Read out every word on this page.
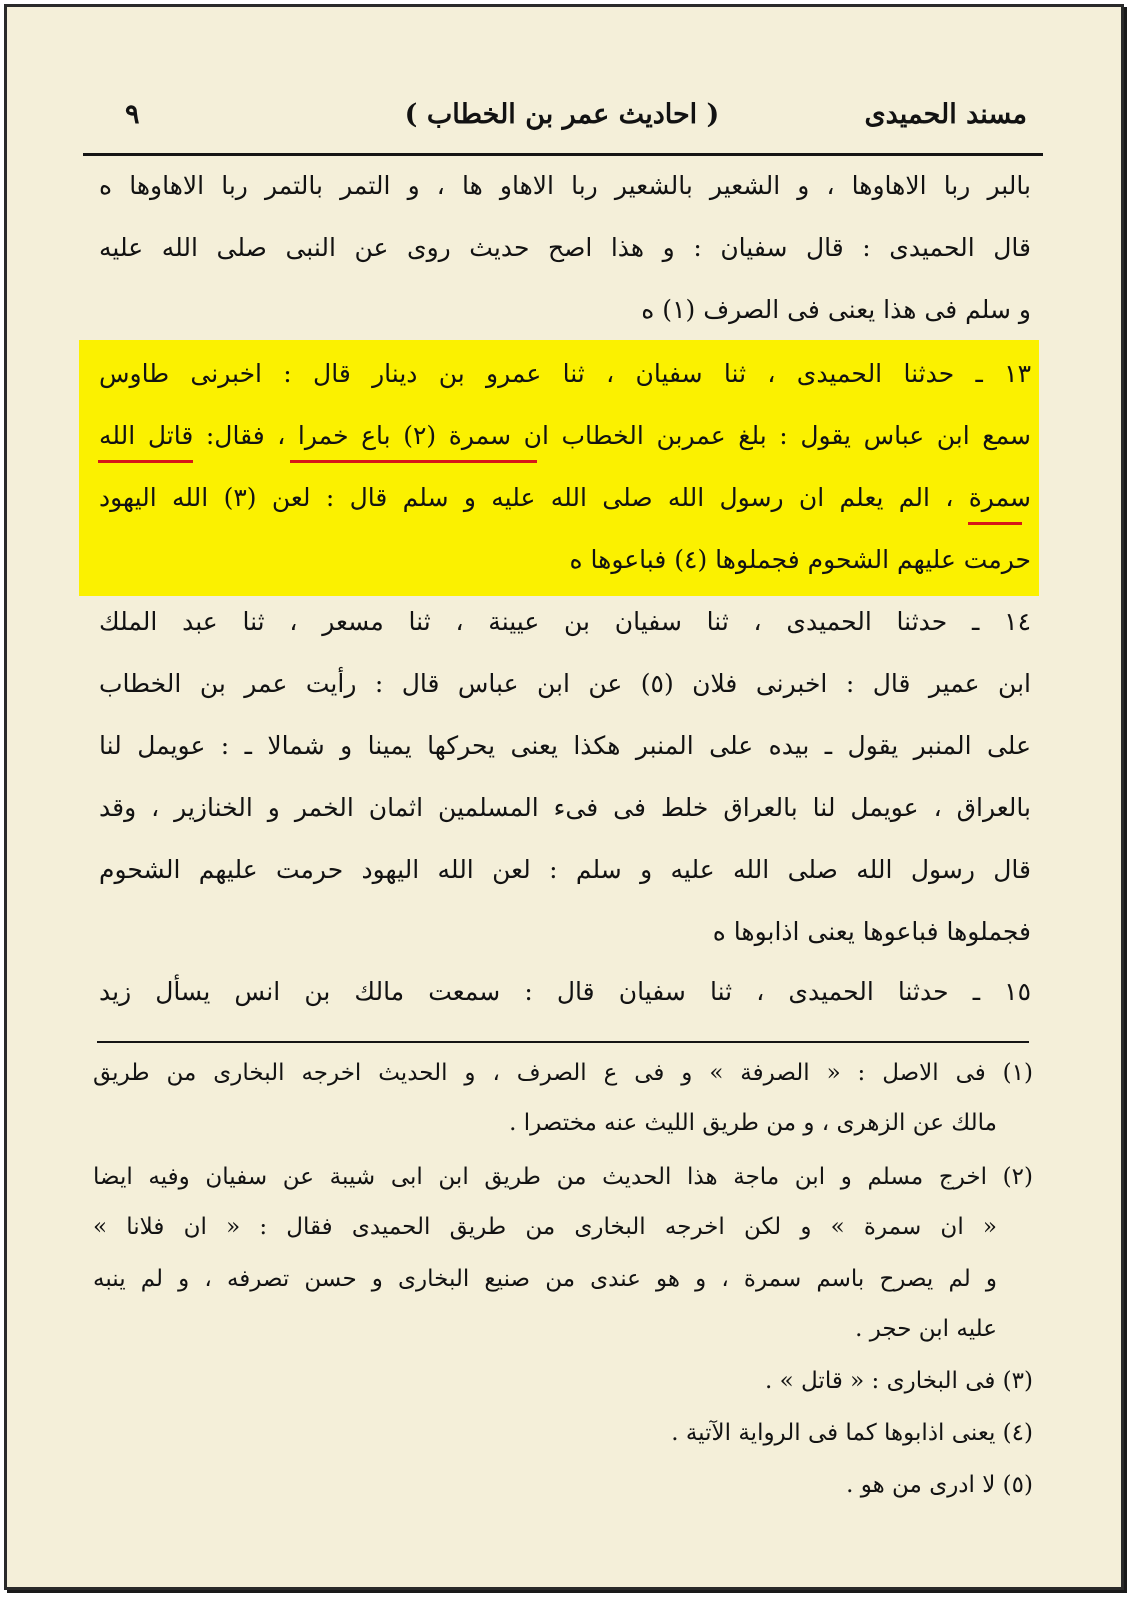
مسند الحميدى
( احاديث عمر بن الخطاب )
٩
بالبر ربا الاهاوها ، و الشعير بالشعير ربا الاهاو ها ، و التمر بالتمر ربا الاهاوها ه
قال الحميدى : قال سفيان : و هذا اصح حديث روى عن النبى صلى الله عليه
و سلم فى هذا يعنى فى الصرف (١) ه
١٣ ـ حدثنا الحميدى ، ثنا سفيان ، ثنا عمرو بن دينار قال : اخبرنى طاوس
سمع ابن عباس يقول : بلغ عمربن الخطاب ان سمرة (٢) باع خمرا ، فقال: قاتل الله
سمرة ، الم يعلم ان رسول الله صلى الله عليه و سلم قال : لعن (٣) الله اليهود
حرمت عليهم الشحوم فجملوها (٤) فباعوها ه
١٤ ـ حدثنا الحميدى ، ثنا سفيان بن عيينة ، ثنا مسعر ، ثنا عبد الملك
ابن عمير قال : اخبرنى فلان (٥) عن ابن عباس قال : رأيت عمر بن الخطاب
على المنبر يقول ـ بيده على المنبر هكذا يعنى يحركها يمينا و شمالا ـ : عويمل لنا
بالعراق ، عويمل لنا بالعراق خلط فى فىء المسلمين اثمان الخمر و الخنازير ، وقد
قال رسول الله صلى الله عليه و سلم : لعن الله اليهود حرمت عليهم الشحوم
فجملوها فباعوها يعنى اذابوها ه
١٥ ـ حدثنا الحميدى ، ثنا سفيان قال : سمعت مالك بن انس يسأل زيد
(١) فى الاصل : « الصرفة » و فى ع الصرف ، و الحديث اخرجه البخارى من طريق
مالك عن الزهرى ، و من طريق الليث عنه مختصرا .
(٢) اخرج مسلم و ابن ماجة هذا الحديث من طريق ابن ابى شيبة عن سفيان وفيه ايضا
« ان سمرة » و لكن اخرجه البخارى من طريق الحميدى فقال : « ان فلانا »
و لم يصرح باسم سمرة ، و هو عندى من صنيع البخارى و حسن تصرفه ، و لم ينبه
عليه ابن حجر .
(٣) فى البخارى : « قاتل » .
(٤) يعنى اذابوها كما فى الرواية الآتية .
(٥) لا ادرى من هو .
